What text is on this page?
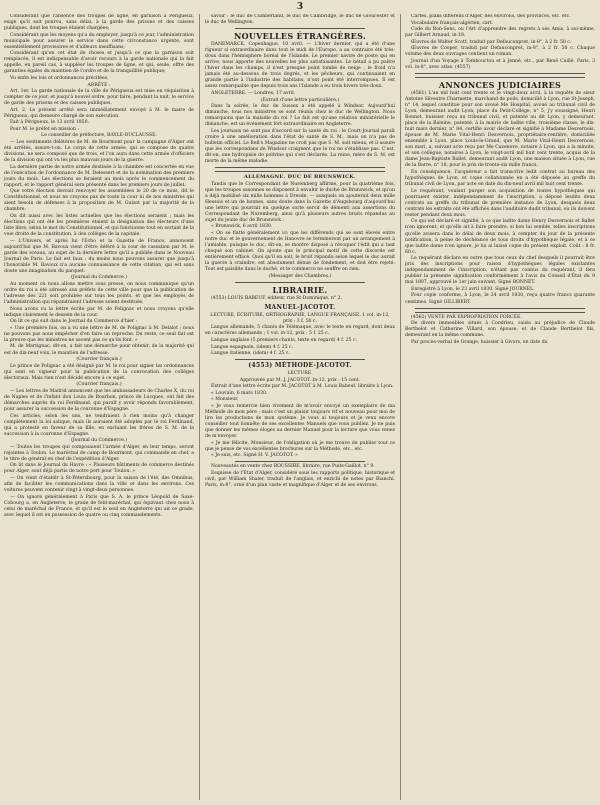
3

Considérant que l'absence des troupes de ligne, en garnison à Périgueux, exige qu'il soit pourvu, sans délai, à la garde des prisons et des caisses publiques, dont les troupes étaient chargées;

Considérant que les moyens qu'a du employer, jusqu'à ce jour, l'administration municipale pour assurer le service dans cette circonstance urgente, sont essentiellement provisoires et d'ailleurs insuffisans;

Considérant qu'en cet état de choses et jusqu'à ce que la garnison soit remplacée, il est indispensable d'avoir recours à la garde nationale qui la fait appelle, en pareil cas, à suppléer les troupes de ligne, et qui, seule, offre des garanties égales du maintien de l'ordre et de la tranquillité publique;

Vu enfin les lois et ordonnances précitées,

ARRÊTE :

Art. 1er. La garde nationale de la ville de Périgueux est mise en réquisition à compter de ce jour, et jusqu'à nouvel ordre, pour faire, pendant la nuit, le service de garde des prisons et des caisses publiques.

Art. 2. Le présent arrêté sera immédiatement envoyé à M. le maire de Périgueux, qui demeure chargé de son exécution.

Fait à Périgueux, le 13 avril 1850.

Pour M. le préfet en mission :

Le conseiller de préfecture, BAYLE-DUCLAUSSE.

— Les sentiments délétères de M. de Bourmont pour la campagne d'Alger ont été arrêtés, assure-t-on. Le corps de cette armée, qui se compose de quatre divisions, ne sera composé que de trois, et l'on aura dans cette armée d'officiers de la division qui ont vu les plus mauvais jours de la guerre.

La dernière partie de notre armée destinée à la chambre est concertée en vue de l'exécution de l'ordonnance de M. Delessert et de la nomination des premiers jours du mois. Les élections se feraient au mois après le commencement du rapport, et le rapport général sera présenté dans les premiers jours de juillet.

Que votre élection devrait renvoyer les assemblées le 20 de ce mois, dit le Constitutionnel, et nous ne croyons pas de toute la cour ni de nos ministres qui aient besoin de défenses à la proposition de M. Guizot par la majorité de la chambre.

On dit aussi avec les listes actuelles que les élections seraient ; mais les élections qui ont été les premières étaient la désignation des électeurs d'une liste libre, selon le mot du Constitutionnel, et qui fonctionne tout en sortant de la voie droite de la constitution, à des collèges de la capitale.

— L'Univers, et après lui l'Echo et la Gazette de France, annoncent aujourd'hui que M. Bavoux vient d'être déféré à la cour de cassation par M. le garde des sceaux, au sujet de la dernière lettre qu'il a publiée dans le Nouveau Journal de Paris. Le fait est faux : du moins nous pouvons assurer que jusqu'à l'honorable M. Bavoux n'a aucune connaissance de cette citation, qui est sans doute une imagination du parquet.

(Journal du Commerce.)

Au moment où nous allons mettre sous presse, on nous communique qu'un ordre du roi a été adressé aux préfets de cette ville pour que la publication de l'adresse des 221 soit prohibée sur tous les points, et que les employés de l'administration qui répandraient l'adresse soient destitués.

Nous avons vu la lettre écrite par M. de Polignac et nous croyons qu'elle indique clairement le dessein de la cour.

On lit ce qui suit dans le Journal du Commerce d'hier :

« Une première fois, on a vu une lettre de M. de Polignac à M. Delalot ; nous ne pouvons pas nous empêcher d'en faire un reproche. Du reste, ce seul fait est la preuve que les ministres ne savent pas ce qu'ils font. »

M. de Martignac, dit-on, a fait une démarche pour obtenir, de la majorité qui est de dix-neuf voix, le maintien de l'adresse.

(Courrier français.)

Le prince de Polignac a été désigné par M. le roi pour signer les ordonnances qui sont en vigueur pour la publication de la convocation des collèges électoraux. Mais rien n'est décidé encore à ce sujet.

(Courrier français.)

— Les lettres de Madrid annoncent que les ambassadeurs de Charles X, du roi de Naples et de l'infant don Louis de Bourbon, prince de Lucques, ont fait des démarches auprès du roi Ferdinand, qui paraît y avoir répondu favorablement, pour assurer la succession de la couronne d'Espagne.

Ces articles, selon les uns, ne tendraient à rien moins qu'à changer complètement la loi salique, mais ils auraient été adoptés par le roi Ferdinand, qui a protesté en faveur de sa fille, en excluant les frères de S. M. de la succession à la couronne d'Espagne.

(Journal du Commerce.)

— Toutes les troupes qui composaient l'armée d'Alger, en leur temps, seront rejointes à Toulon. Le maréchal de camp de Bourmont, qui commande en chef, a le titre de général en chef de l'expédition d'Alger.

On lit dans le Journal du Havre : « Plusieurs bâtiments de commerce destinés pour Alger, sont déjà partis de notre port pour Toulon. »

— On vient d'établir à St-Pétersbourg, pour la saison de l'été, des Omnibus, afin de faciliter les communications dans la ville et dans les environs. Ces voitures peuvent contenir vingt à vingt-deux personnes.

— On ignore généralement à Paris que S. A. le prince Léopold de Saxe-Cobourg a, en Angleterre, le grade de feld-maréchal, qui équivaut chez nous à celui de maréchal de France, et qu'il est le seul en Angleterre qui ait ce grade, avec lequel il est en possession de quatre ou cinq commandements.

savoir : le duc de Cumberland, le duc de Cambridge, le duc de Gloucester et le duc de Wellington.

NOUVELLES ÉTRANGÈRES.

DANEMARCK. Copenhague, 10 avril. — L'hiver dernier, qui a été d'une rigueur si extraordinaire dans tout le midi de l'Europe, a au contraire été très-doux dans l'hémisphère boréal de l'Islande. Le premier navire de poste qui en arrive, nous apporte des nouvelles les plus satisfaisantes. Le bétail a pu paître l'hiver dans les champs, il n'est presque point tombé de neige ; le froid n'a jamais été au-dessous de trois degrés, et les pêcheurs, qui continuaient en grande partie à l'industrie des habitans, n'ont point été interrompues. Il est assez remarquable que depuis trois ans l'Islande a eu trois hivers très-doux.

ANGLETERRE. — Londres, 17 avril.

(Extrait d'une lettre particulière.)

Dans la soirée, le duc de Sussex a été appelé à Windsor. Aujourd'hui dimanche, tous nos ministres se sont réunis chez le duc de Wellington. Nous remarquons que la maladie du roi ? Le fait est qu'une relation ministérielle le dimanche, est un événement fort extraordinaire en Angleterre.

Les journaux ne sont pas d'accord sur la santé du roi : le Court-Journal paraît croire à une amélioration dans l'état de santé de S. M., mais on n'a pas de bulletin officiel. Le Bell's Magazine ne croit pas que S. M. soit mieux, et il assure que les correspondans de Windsor craignent que le roi ne s'établisse pas. C'est, dit-on, une hydropisie de poitrine qui s'est déclarée. La reine, mère de S. M. est morte de la même maladie.

ALLEMAGNE. DUC DE BRUNSWICK.

Tandis que le Correspondant de Nuremberg affirme, pour la quatrième fois, que les troupes saxonnes se disposent à envahir le duché de Brunswick, et qu'on a déjà mobilisé six mille hommes à Dresde, — auxquels on ajouterait deux mille Hessois et un de bonnes, sans doute dans la Gazette d'Augsbourg d'aujourd'hui une lettre qui pourrait en quelque sorte servir de démenti aux assertions du Correspondant de Nuremberg, ainsi qu'à plusieurs autres bruits répandus au sujet du jeune duc de Brunswick :

« Brunswick, 6 avril 1830.

« On se flatte généralement ici que les différends qui se sont élevés entre notre duc et le gouvernement de Hanovre se termineront par un arrangement à l'amiable, puisque le duc, dit-on, se montre disposé à révoquer l'édit qui a tant choqué son cabinet. On ajoute que le principal motif de cette discorde est entièrement effacé. Quoi qu'il en soit, le bruit répandu selon lequel le duc aurait la guerre à craindre, est absolument dénué de fondement, et doit être rejeté. Tout est paisible dans le duché, et le commerce ne souffre en rien.

(Messager des Chambres.)

LIBRAIRIE.

(4553) LOUIS BABEUF, éditeur, rue St-Dominique, n° 2.

MANUEL-JACOTOT.

LECTURE, ÉCRITURE, ORTHOGRAPHE, LANGUE FRANÇAISE, 1 vol. in-12, prix : 3 f. 50 c.

Langue allemande, 5 chants de Télémaque, avec le texte en regard, dont deux en caractères allemands ; 1 vol. in-12, prix : 5 f. 25 c.

Langue anglaise (5 premiers chants, texte en regard) 4 f. 25 c.

Langue espagnole, (idem) 4 f. 25 c.

Langue italienne, (idem) 4 f. 25 c.

(4553) MÉTHODE-JACOTOT.

LECTURE.

Approuvée par M. J. JACOTOT. In-12, prix : 15 cent.

Extrait d'une lettre écrite par M. JACOTOT à M. Louis Babeuf, libraire à Lyon.

« Louvain, 6 mars 1830.

« Monsieur,

« Je vous remercie bien vivement de m'avoir envoyé un exemplaire de ma Méthode de mon père ; mais c'est un plaisir toujours vif et nouveau pour moi de lire les productions de mon système. Je vous ai toujours et je veux encore conseiller tout honnête de ses excellentes Manuels que vous publiez. Je ne puis que donner les mêmes éloges au dernier Manuel pour la lecture que vous venez de m'envoyer.

« Je me félicite, Monsieur, de l'obligation où je me trouve de publier tout ce que je pense de vos excellentes brochures sur la Méthode, etc., etc.

« Je suis, etc. Signé H. V. JACOTOT. »

Nouveautés en vente chez BOUSSIRE, libraire, rue Puits-Gaillot, n° 9.

Esquisse de l'État d'Alger, considéré sous les rapports politique, historique et civil, par William Shaler, traduit de l'anglais, et enrichi de notes par Bianchi. Paris, in-8°, orné d'un plan vaste et magnifique d'Alger et de ses environs.

Cartes, plans différens d'Alger, des environs, des provinces, etc. etc.

Vocabulaire français-algérien, cart.

Code du Bon-Sens, ou l'Art d'apprendre des regrets à ses Amis, à soi-même, par Gilbert Arnaud, in-18.

Œuvres de Walter Scott, traduit par Defauconpret, in-8°, à 2 fr. 50 c.

Œuvres de Cooper, traduit par Defauconpret, in-8°, à 2 fr. 50 c. Chaque volume des deux ouvrages contient un roman.

Journal d'un Voyage à Tombouctou et à Jenné, etc., par René Caillé. Paris, 3 vol. in-8°, avec atlas. (4557)

ANNONCES JUDICIAIRES

(4561) L'an mil huit cent trente et le vingt-deux avril, à la requête de sieur Antoine Silvestre Charmette, marchand de poils, domicilié à Lyon, rue St-Joseph, n° 14, lequel constitue pour son avoué Me Hospital, avoué au tribunal civil de Lyon, demeurant audit Lyon, place du Petit-Collège, n° 5, j'y soussigné, Henri Bonnet, huissier reçu au tribunal civil, et patenté au dit Lyon, y demeurant, place de la Baleine, patenté, à la mairie de ladite ville, troisième classe, le dix-huit mars dernier, n° 84, certifie avoir déclaré et signifié à Madame Desvernois, épouse de M. Marie Vital-Henri Desvernois, propriétaire-rentière, domiciliée ensemble à Lyon, place Louis-le-Grand, que M. Marie Vital-Henri Desvernois, son mari, a, suivant acte reçu par Me Cazenove, notaire à Lyon, qui a la minute, et son collègue, notaires à Lyon, le vingt-avril mil huit cent trente, acquis de la dame Jean-Baptiste Ballet, demeurant audit Lyon, une maison située à Lyon, rue de la Barre, n° 18, pour le prix de trente-six mille francs.

En conséquence, l'acquéreur a fait transcrire ledit contrat au bureau des hypothèques de Lyon, et copie collationnée en a été déposée au greffe du tribunal civil de Lyon, par acte en date du dix-neuf avril mil huit cent trente.

Le requérant, voulant purger son acquisition de toutes hypothèques qui pourraient exister, indépendamment de l'inscription, a déposé lesdits deux contrats au greffe du tribunal de première instance de Lyon, desquels deux contrats les extraits ont été affichés dans l'auditoire dudit tribunal, où ils doivent rester pendant deux mois.

Ce qui est déclaré et signifié, à ce que ladite dame Henry Desvernois et Ballet n'en ignorent, et qu'elle ait à faire prendre, si bon lui semble, telles inscriptions qu'elle avisera dans le délai de deux mois, à compter du jour de la présente notification, à peine de déchéance de tous droits d'hypothèque légale, et à ce que ladite dame n'en ignore, je lui ai laissé copie du présent exploit. Coût : 8 fr. 60 c.

Le requérant déclare en outre que tous ceux du chef desquels il pourrait être pris des inscriptions pour raison d'hypothèques légales existantes indépendamment de l'inscription, n'étant pas connus du requérant, il fera publier la présente signification conformément à l'avis du Conseil d'État du 9 mai 1807, approuvé le 1er juin suivant. Signé BONNET.

Enregistré à Lyon, le 23 avril 1830. Signé JOURNEL.

Pour copie conforme, à Lyon, le 24 avril 1830, reçu quatre francs quarante centimes. Signé GILLIBERT.

(4562) VENTE PAR EXPROPRIATION FORCÉE.

De divers immeubles situés à Condrieu, saisis au préjudice de Claude Berthelot et Catherine Villard, son épouse, et de Claude Berthelot fils, demeurant en la même commune.

Par procès-verbal de Grange, huissier à Givors, en date du
